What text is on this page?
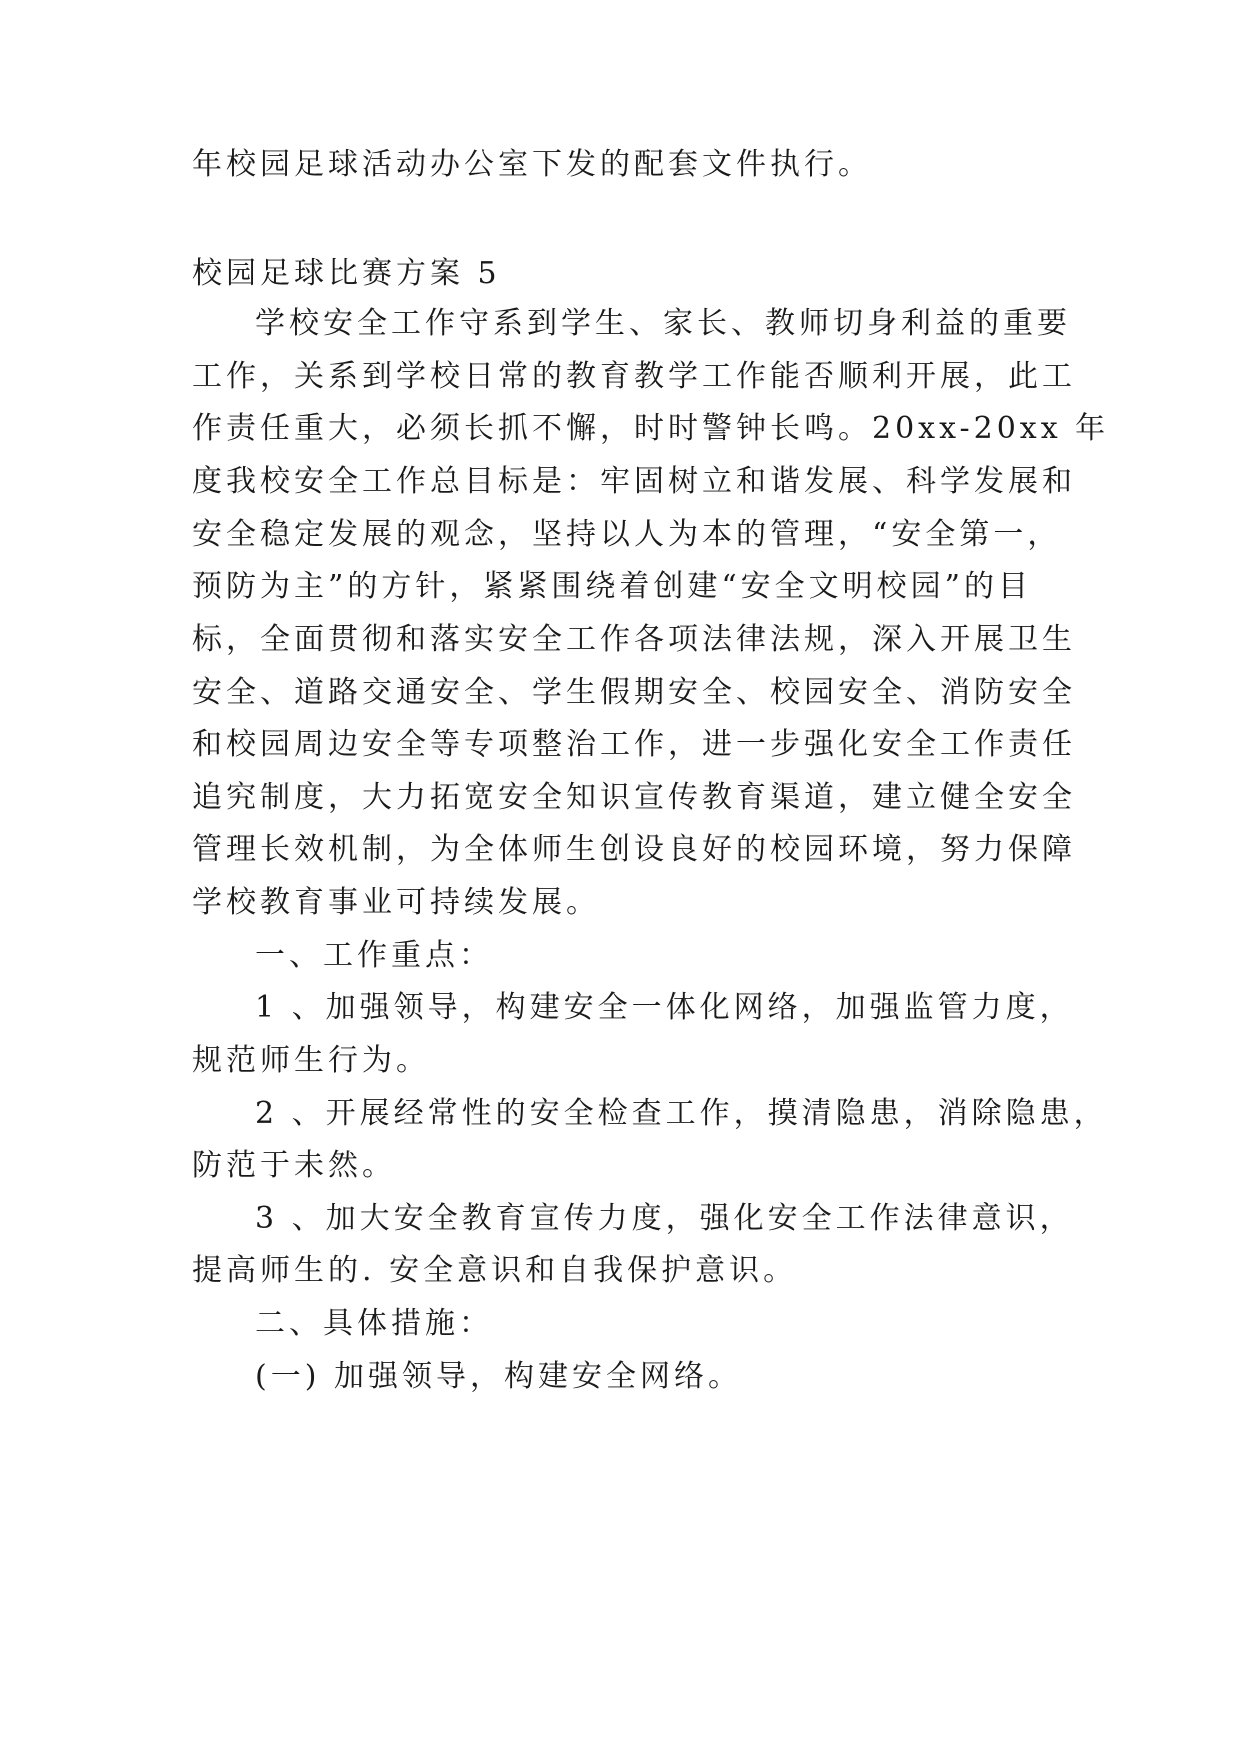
年校园足球活动办公室下发的配套文件执行。
校园足球比赛方案 5
学校安全工作守系到学生、家长、教师切身利益的重要
工作，关系到学校日常的教育教学工作能否顺利开展，此工
作责任重大，必须长抓不懈，时时警钟长鸣。20xx-20xx 年
度我校安全工作总目标是：牢固树立和谐发展、科学发展和
安全稳定发展的观念，坚持以人为本的管理，“安全第一，
预防为主”的方针，紧紧围绕着创建“安全文明校园”的目
标，全面贯彻和落实安全工作各项法律法规，深入开展卫生
安全、道路交通安全、学生假期安全、校园安全、消防安全
和校园周边安全等专项整治工作，进一步强化安全工作责任
追究制度，大力拓宽安全知识宣传教育渠道，建立健全安全
管理长效机制，为全体师生创设良好的校园环境，努力保障
学校教育事业可持续发展。
一、工作重点：
1 、加强领导，构建安全一体化网络，加强监管力度，
规范师生行为。
2 、开展经常性的安全检查工作，摸清隐患，消除隐患，
防范于未然。
3 、加大安全教育宣传力度，强化安全工作法律意识，
提高师生的. 安全意识和自我保护意识。
二、具体措施：
(一) 加强领导，构建安全网络。
